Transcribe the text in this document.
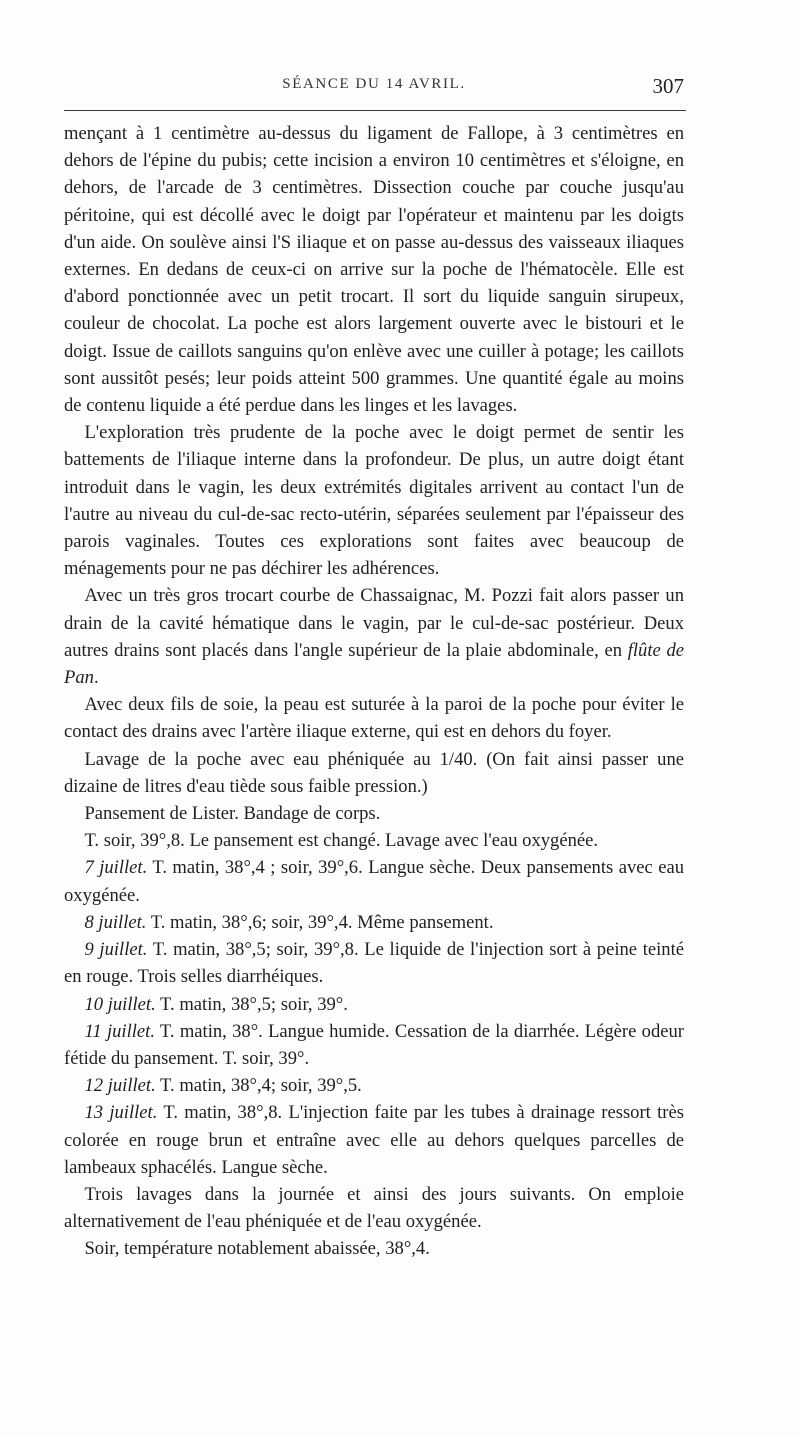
SÉANCE DU 14 AVRIL.	307

mençant à 1 centimètre au-dessus du ligament de Fallope, à 3 centimètres en dehors de l'épine du pubis; cette incision a environ 10 centimètres et s'éloigne, en dehors, de l'arcade de 3 centimètres. Dissection couche par couche jusqu'au péritoine, qui est décollé avec le doigt par l'opérateur et maintenu par les doigts d'un aide. On soulève ainsi l'S iliaque et on passe au-dessus des vaisseaux iliaques externes. En dedans de ceux-ci on arrive sur la poche de l'hématocèle. Elle est d'abord ponctionnée avec un petit trocart. Il sort du liquide sanguin sirupeux, couleur de chocolat. La poche est alors largement ouverte avec le bistouri et le doigt. Issue de caillots sanguins qu'on enlève avec une cuiller à potage; les caillots sont aussitôt pesés; leur poids atteint 500 grammes. Une quantité égale au moins de contenu liquide a été perdue dans les linges et les lavages.

L'exploration très prudente de la poche avec le doigt permet de sentir les battements de l'iliaque interne dans la profondeur. De plus, un autre doigt étant introduit dans le vagin, les deux extrémités digitales arrivent au contact l'un de l'autre au niveau du cul-de-sac recto-utérin, séparées seulement par l'épaisseur des parois vaginales. Toutes ces explorations sont faites avec beaucoup de ménagements pour ne pas déchirer les adhérences.

Avec un très gros trocart courbe de Chassaignac, M. Pozzi fait alors passer un drain de la cavité hématique dans le vagin, par le cul-de-sac postérieur. Deux autres drains sont placés dans l'angle supérieur de la plaie abdominale, en flûte de Pan.

Avec deux fils de soie, la peau est suturée à la paroi de la poche pour éviter le contact des drains avec l'artère iliaque externe, qui est en dehors du foyer.

Lavage de la poche avec eau phéniquée au 1/40. (On fait ainsi passer une dizaine de litres d'eau tiède sous faible pression.)

Pansement de Lister. Bandage de corps.

T. soir, 39°,8. Le pansement est changé. Lavage avec l'eau oxygénée.

7 juillet. T. matin, 38°,4 ; soir, 39°,6. Langue sèche. Deux pansements avec eau oxygénée.

8 juillet. T. matin, 38°,6; soir, 39°,4. Même pansement.

9 juillet. T. matin, 38°,5; soir, 39°,8. Le liquide de l'injection sort à peine teinté en rouge. Trois selles diarrhéiques.

10 juillet. T. matin, 38°,5; soir, 39°.

11 juillet. T. matin, 38°. Langue humide. Cessation de la diarrhée. Légère odeur fétide du pansement. T. soir, 39°.

12 juillet. T. matin, 38°,4; soir, 39°,5.

13 juillet. T. matin, 38°,8. L'injection faite par les tubes à drainage ressort très colorée en rouge brun et entraîne avec elle au dehors quelques parcelles de lambeaux sphacélés. Langue sèche.

Trois lavages dans la journée et ainsi des jours suivants. On emploie alternativement de l'eau phéniquée et de l'eau oxygénée.

Soir, température notablement abaissée, 38°,4.
